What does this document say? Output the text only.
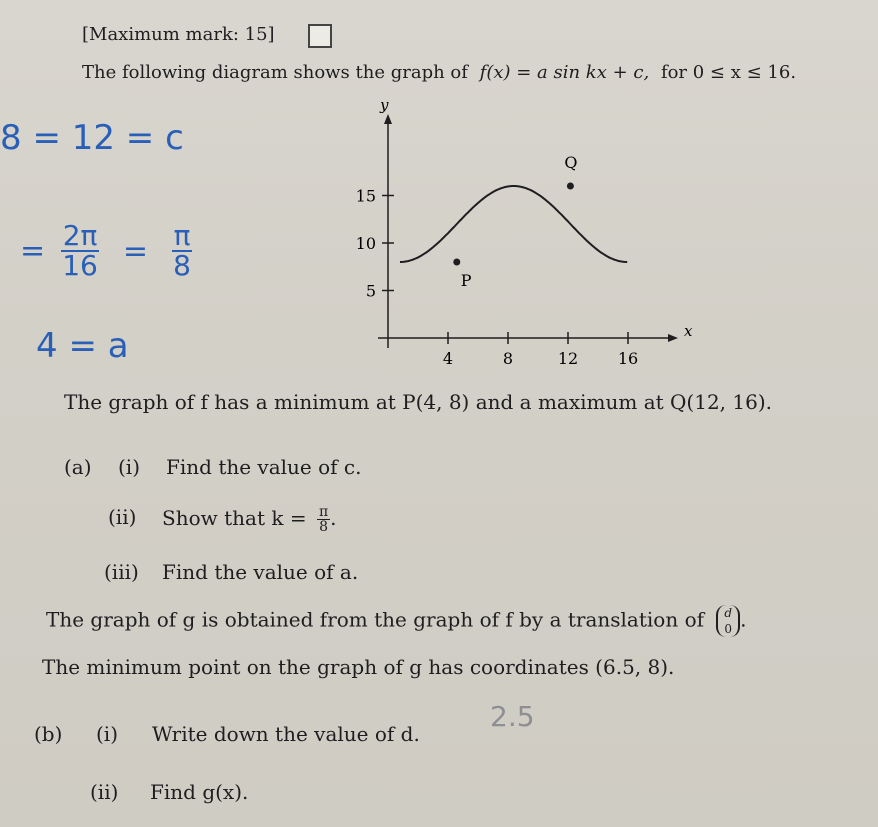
[Maximum mark: 15]
The following diagram shows the graph of f(x) = a sin kx + c, for 0 ≤ x ≤ 16.
8 = 12 = c
= $\frac{2\pi}{16} = \frac{\pi}{8}$
4 = a	x
y
4	8	12 16
5
10
15
P
Q
The graph of f has a minimum at P(4, 8) and a maximum at Q(12, 16).
(a) (i) Find the value of c.
(ii) Show that $k = \frac{\pi}{8}$ .
(iii) Find the value of a.
The graph of g is obtained from the graph of f by a translation of d
0 .
The minimum point on the graph of g has coordinates (6.5, 8).
(b) (i) Write down the value of d.
2.5
(ii) Find g(x).
